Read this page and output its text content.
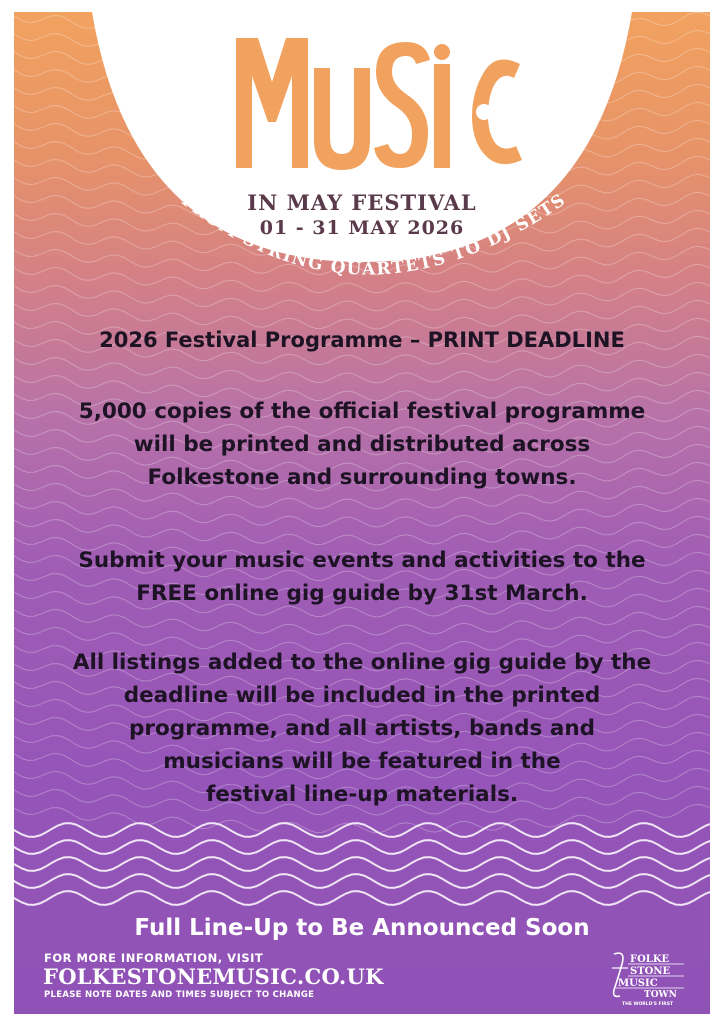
FROM STRING QUARTETS TO DJ SETS
IN MAY FESTIVAL
01 - 31 MAY 2026
2026 Festival Programme – PRINT DEADLINE
5,000 copies of the official festival programme
will be printed and distributed across
Folkestone and surrounding towns.
Submit your music events and activities to the
FREE online gig guide by 31st March.
All listings added to the online gig guide by the
deadline will be included in the printed
programme, and all artists, bands and
musicians will be featured in the
festival line-up materials.
Full Line-Up to Be Announced Soon
FOR MORE INFORMATION, VISIT
FOLKESTONEMUSIC.CO.UK
PLEASE NOTE DATES AND TIMES SUBJECT TO CHANGE
FOLKE
STONE
MUSIC
TOWN
THE WORLD'S FIRST
